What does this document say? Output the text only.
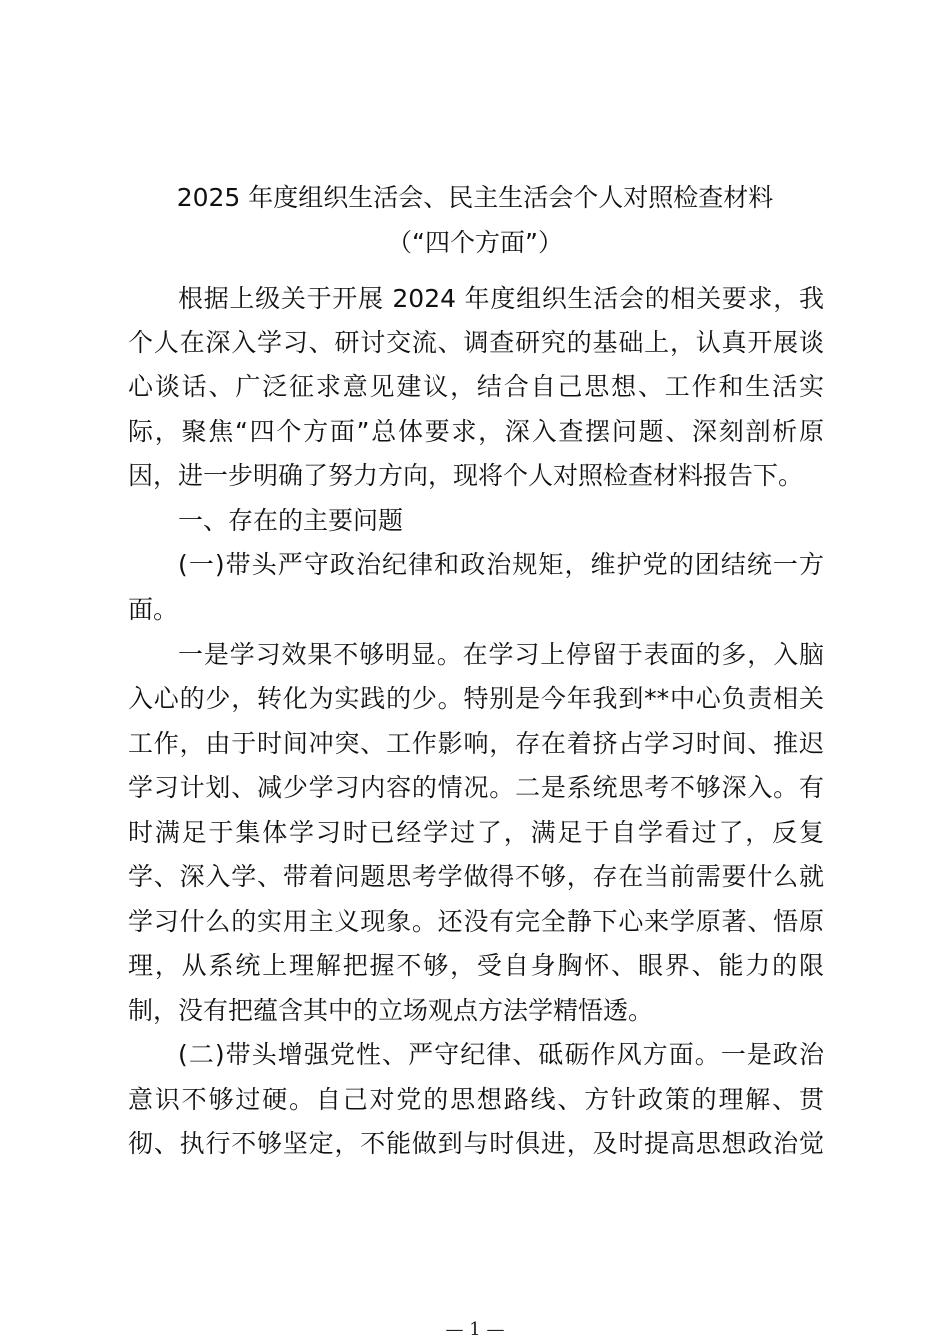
2025 年度组织生活会、民主生活会个人对照检查材料
（“四个方面”）
根据上级关于开展 2024 年度组织生活会的相关要求，我
个人在深入学习、研讨交流、调查研究的基础上，认真开展谈
心谈话、广泛征求意见建议，结合自己思想、工作和生活实
际，聚焦“四个方面”总体要求，深入查摆问题、深刻剖析原
因，进一步明确了努力方向，现将个人对照检查材料报告下。
一、存在的主要问题
(一)带头严守政治纪律和政治规矩，维护党的团结统一方
面。
一是学习效果不够明显。在学习上停留于表面的多，入脑
入心的少，转化为实践的少。特别是今年我到**中心负责相关
工作，由于时间冲突、工作影响，存在着挤占学习时间、推迟
学习计划、减少学习内容的情况。二是系统思考不够深入。有
时满足于集体学习时已经学过了，满足于自学看过了，反复
学、深入学、带着问题思考学做得不够，存在当前需要什么就
学习什么的实用主义现象。还没有完全静下心来学原著、悟原
理，从系统上理解把握不够，受自身胸怀、眼界、能力的限
制，没有把蕴含其中的立场观点方法学精悟透。
(二)带头增强党性、严守纪律、砥砺作风方面。一是政治
意识不够过硬。自己对党的思想路线、方针政策的理解、贯
彻、执行不够坚定，不能做到与时俱进，及时提高思想政治觉
— 1 —
